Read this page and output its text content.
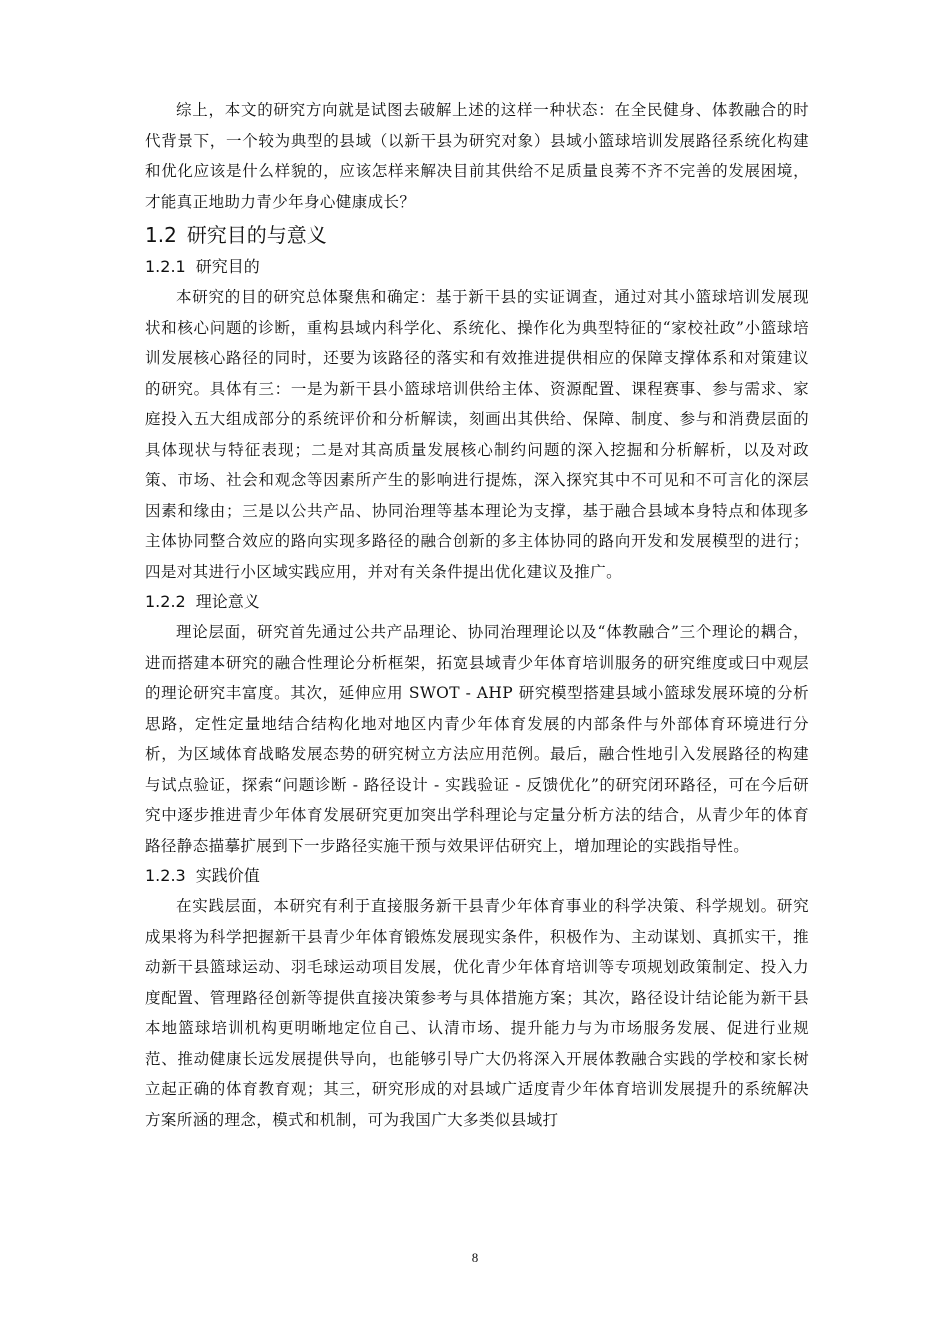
综上，本文的研究方向就是试图去破解上述的这样一种状态：在全民健身、体教融合的时代背景下，一个较为典型的县域（以新干县为研究对象）县域小篮球培训发展路径系统化构建和优化应该是什么样貌的，应该怎样来解决目前其供给不足质量良莠不齐不完善的发展困境，才能真正地助力青少年身心健康成长？

1.2 研究目的与意义
1.2.1 研究目的

本研究的目的研究总体聚焦和确定：基于新干县的实证调查，通过对其小篮球培训发展现状和核心问题的诊断，重构县域内科学化、系统化、操作化为典型特征的“家校社政”小篮球培训发展核心路径的同时，还要为该路径的落实和有效推进提供相应的保障支撑体系和对策建议的研究。具体有三：一是为新干县小篮球培训供给主体、资源配置、课程赛事、参与需求、家庭投入五大组成部分的系统评价和分析解读，刻画出其供给、保障、制度、参与和消费层面的具体现状与特征表现；二是对其高质量发展核心制约问题的深入挖掘和分析解析，以及对政策、市场、社会和观念等因素所产生的影响进行提炼，深入探究其中不可见和不可言化的深层因素和缘由；三是以公共产品、协同治理等基本理论为支撑，基于融合县域本身特点和体现多主体协同整合效应的路向实现多路径的融合创新的多主体协同的路向开发和发展模型的进行；四是对其进行小区域实践应用，并对有关条件提出优化建议及推广。

1.2.2 理论意义

理论层面，研究首先通过公共产品理论、协同治理理论以及“体教融合”三个理论的耦合，进而搭建本研究的融合性理论分析框架，拓宽县域青少年体育培训服务的研究维度或曰中观层的理论研究丰富度。其次，延伸应用 SWOT - AHP 研究模型搭建县域小篮球发展环境的分析思路，定性定量地结合结构化地对地区内青少年体育发展的内部条件与外部体育环境进行分析，为区域体育战略发展态势的研究树立方法应用范例。最后，融合性地引入发展路径的构建与试点验证，探索“问题诊断 - 路径设计 - 实践验证 - 反馈优化”的研究闭环路径，可在今后研究中逐步推进青少年体育发展研究更加突出学科理论与定量分析方法的结合，从青少年的体育路径静态描摹扩展到下一步路径实施干预与效果评估研究上，增加理论的实践指导性。

1.2.3 实践价值

在实践层面，本研究有利于直接服务新干县青少年体育事业的科学决策、科学规划。研究成果将为科学把握新干县青少年体育锻炼发展现实条件，积极作为、主动谋划、真抓实干，推动新干县篮球运动、羽毛球运动项目发展，优化青少年体育培训等专项规划政策制定、投入力度配置、管理路径创新等提供直接决策参考与具体措施方案；其次，路径设计结论能为新干县本地篮球培训机构更明晰地定位自己、认清市场、提升能力与为市场服务发展、促进行业规范、推动健康长远发展提供导向，也能够引导广大仍将深入开展体教融合实践的学校和家长树立起正确的体育教育观；其三，研究形成的对县域广适度青少年体育培训发展提升的系统解决方案所涵的理念，模式和机制，可为我国广大多类似县域打

8
